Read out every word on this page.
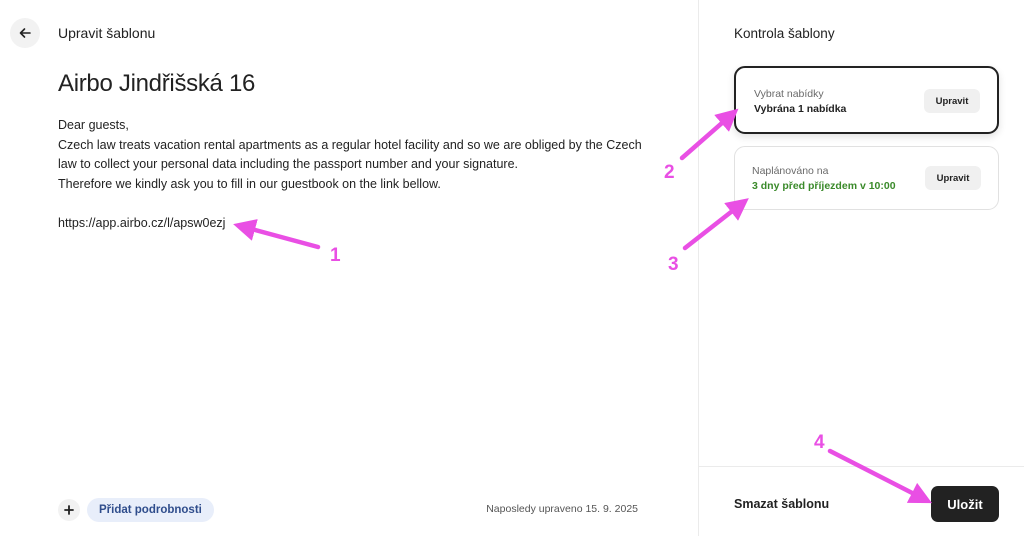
Upravit šablonu
Airbo Jindřišská 16

Dear guests,

Czech law treats vacation rental apartments as a regular hotel facility and so we are obliged by the Czech

law to collect your personal data including the passport number and your signature.

Therefore we kindly ask you to fill in our guestbook on the link bellow.

https://app.airbo.cz/l/apsw0ezj

Přidat podrobnosti	Naposledy upraveno 15. 9. 2025
Kontrola šablony
Vybrat nabídky
Vybrána 1 nabídka
Upravit
Naplánováno na
3 dny před příjezdem v 10:00
Upravit
Smazat šablonu	Uložit
1
2
3
4
